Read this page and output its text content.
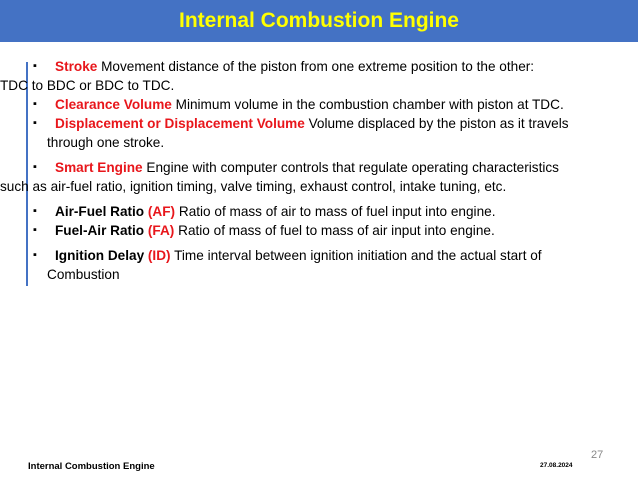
Internal Combustion Engine
▪	Stroke Movement distance of the piston from one extreme position to the other:
TDC to BDC or BDC to TDC.
▪	Clearance Volume Minimum volume in the combustion chamber with piston at TDC.
▪	Displacement or Displacement Volume Volume displaced by the piston as it travels
through one stroke.
▪	Smart Engine Engine with computer controls that regulate operating characteristics
such as air-fuel ratio, ignition timing, valve timing, exhaust control, intake tuning, etc.
▪	Air-Fuel Ratio (AF) Ratio of mass of air to mass of fuel input into engine.
▪	Fuel-Air Ratio (FA) Ratio of mass of fuel to mass of air input into engine.
▪	Ignition Delay (ID) Time interval between ignition initiation and the actual start of
Combustion
27
27.08.2024
Internal Combustion Engine
